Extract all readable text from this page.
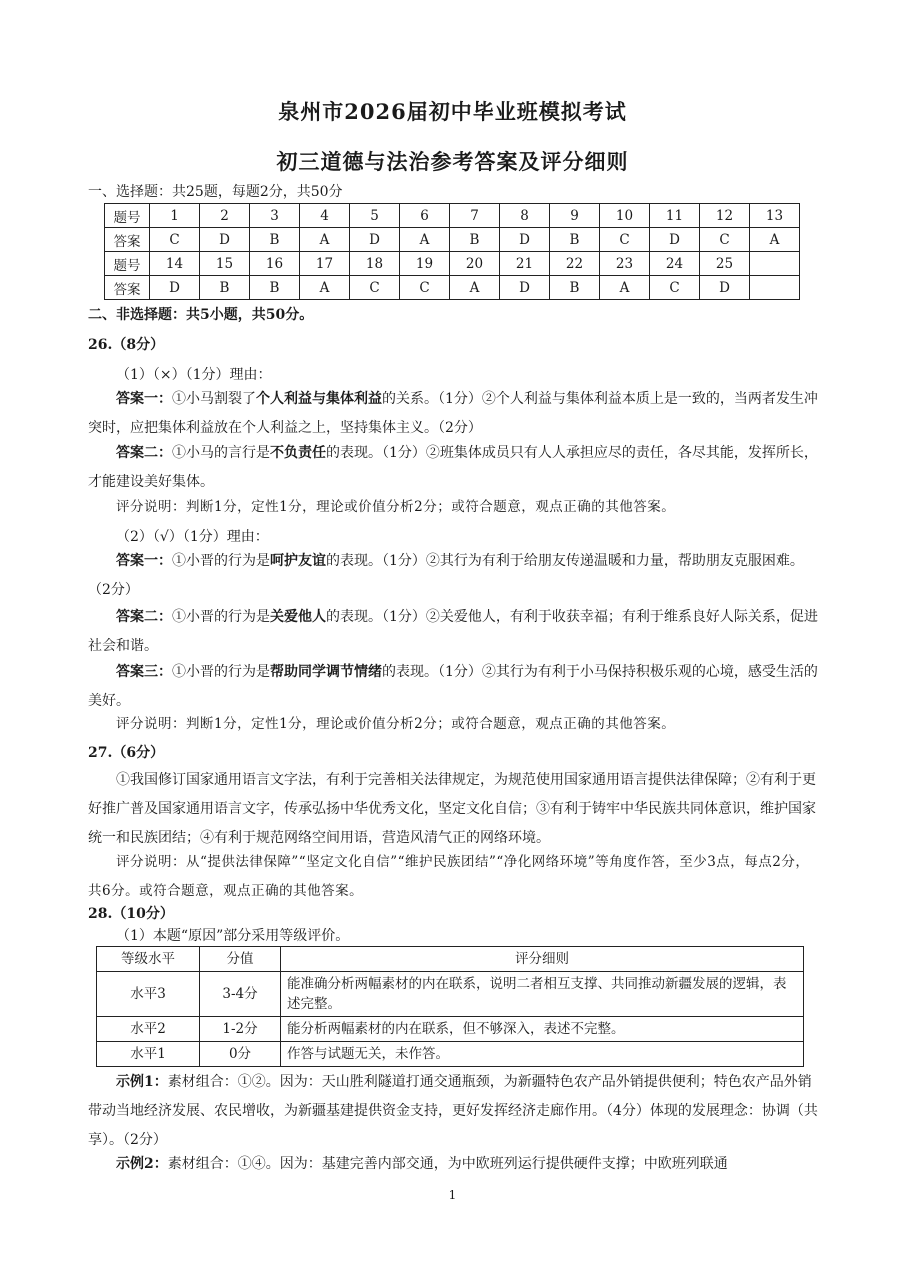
泉州市2026届初中毕业班模拟考试
初三道德与法治参考答案及评分细则
一、选择题：共25题，每题2分，共50分
题号	1	2	3	4	5	6	7	8	9	10	11	12	13
答案	C	D	B	A	D	A	B	D	B	C	D	C	A
题号	14	15	16	17	18	19	20	21	22	23	24	25	
答案	D	B	B	A	C	C	A	D	B	A	C	D	
二、非选择题：共5小题，共50分。
26.（8分）
（1）（×）（1分）理由：
答案一：①小马割裂了个人利益与集体利益的关系。（1分）②个人利益与集体利益本质上是一致的，当两者发生冲突时，应把集体利益放在个人利益之上，坚持集体主义。（2分）
答案二：①小马的言行是不负责任的表现。（1分）②班集体成员只有人人承担应尽的责任，各尽其能，发挥所长，才能建设美好集体。
评分说明：判断1分，定性1分，理论或价值分析2分；或符合题意，观点正确的其他答案。
（2）（√）（1分）理由：
答案一：①小晋的行为是呵护友谊的表现。（1分）②其行为有利于给朋友传递温暖和力量，帮助朋友克服困难。（2分）
答案二：①小晋的行为是关爱他人的表现。（1分）②关爱他人，有利于收获幸福；有利于维系良好人际关系，促进社会和谐。
答案三：①小晋的行为是帮助同学调节情绪的表现。（1分）②其行为有利于小马保持积极乐观的心境，感受生活的美好。
评分说明：判断1分，定性1分，理论或价值分析2分；或符合题意，观点正确的其他答案。
27.（6分）
①我国修订国家通用语言文字法，有利于完善相关法律规定，为规范使用国家通用语言提供法律保障；②有利于更好推广普及国家通用语言文字，传承弘扬中华优秀文化，坚定文化自信；③有利于铸牢中华民族共同体意识，维护国家统一和民族团结；④有利于规范网络空间用语，营造风清气正的网络环境。
评分说明：从“提供法律保障”“坚定文化自信”“维护民族团结”“净化网络环境”等角度作答，至少3点，每点2分，共6分。或符合题意，观点正确的其他答案。
28.（10分）
（1）本题“原因”部分采用等级评价。
等级水平	分值	评分细则
水平3	3-4分	能准确分析两幅素材的内在联系，说明二者相互支撑、共同推动新疆发展的逻辑，表述完整。
水平2	1-2分	能分析两幅素材的内在联系，但不够深入，表述不完整。
水平1	0分	作答与试题无关，未作答。
示例1：素材组合：①②。因为：天山胜利隧道打通交通瓶颈，为新疆特色农产品外销提供便利；特色农产品外销带动当地经济发展、农民增收，为新疆基建提供资金支持，更好发挥经济走廊作用。（4分）体现的发展理念：协调（共享）。（2分）
示例2：素材组合：①④。因为：基建完善内部交通，为中欧班列运行提供硬件支撑；中欧班列联通
1
